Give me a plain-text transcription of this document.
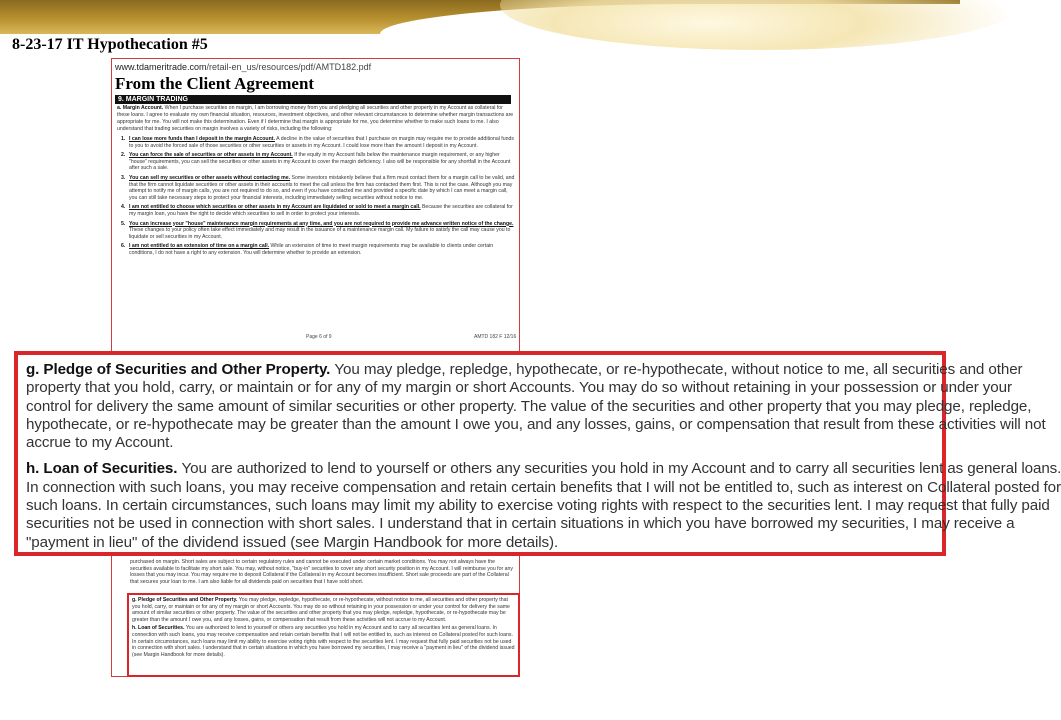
8-23-17 IT Hypothecation #5
www.tdameritrade.com/retail-en_us/resources/pdf/AMTD182.pdf
From the Client Agreement
9. MARGIN TRADING
a. Margin Account. When I purchase securities on margin, I am borrowing money from you and pledging all securities and other property in my Account as collateral for these loans. I agree to evaluate my own financial situation, resources, investment objectives, and other relevant circumstances to determine whether margin transactions are appropriate for me. You will not make this determination. Even if I determine that margin is appropriate for me, you determine whether to make such loans to me. I also understand that trading securities on margin involves a variety of risks, including the following:
1. I can lose more funds than I deposit in the margin Account. A decline in the value of securities that I purchase on margin may require me to provide additional funds to you to avoid the forced sale of those securities or other securities or assets in my Account. I could lose more than the amount I deposit in my Account.
2. You can force the sale of securities or other assets in my Account. If the equity in my Account falls below the maintenance margin requirement, or any higher "house" requirements, you can sell the securities or other assets in my Account to cover the margin deficiency. I also will be responsible for any shortfall in the Account after such a sale.
3. You can sell my securities or other assets without contacting me. Some investors mistakenly believe that a firm must contact them for a margin call to be valid, and that the firm cannot liquidate securities or other assets in their accounts to meet the call unless the firm has contacted them first. This is not the case. Although you may attempt to notify me of margin calls, you are not required to do so, and even if you have contacted me and provided a specific date by which I can meet a margin call, you can still take necessary steps to protect your financial interests, including immediately selling securities without notice to me.
4. I am not entitled to choose which securities or other assets in my Account are liquidated or sold to meet a margin call. Because the securities are collateral for my margin loan, you have the right to decide which securities to sell in order to protect your interests.
5. You can increase your "house" maintenance margin requirements at any time, and you are not required to provide me advance written notice of the change. These changes to your policy often take effect immediately and may result in the issuance of a maintenance margin call. My failure to satisfy the call may cause you to liquidate or sell securities in my Account.
6. I am not entitled to an extension of time on a margin call. While an extension of time to meet margin requirements may be available to clients under certain conditions, I do not have a right to any extension. You will determine whether to provide an extension.
Page 6 of 9	AMTD 182 F 12/16
purchased on margin. Short sales are subject to certain regulatory rules and cannot be executed under certain market conditions. You may not always have the securities available to facilitate my short sale. You may, without notice, "buy-in" securities to cover any short security position in my Account. I will reimburse you for any losses that you may incur. You may require me to deposit Collateral if the Collateral in my Account becomes insufficient. Short sale proceeds are part of the Collateral that secures your loan to me. I am also liable for all dividends paid on securities that I have sold short.

g. Pledge of Securities and Other Property. You may pledge, repledge, hypothecate, or re-hypothecate, without notice to me, all securities and other property that you hold, carry, or maintain or for any of my margin or short Accounts. You may do so without retaining in your possession or under your control for delivery the same amount of similar securities or other property. The value of the securities and other property that you may pledge, repledge, hypothecate, or re-hypothecate may be greater than the amount I owe you, and any losses, gains, or compensation that result from these activities will not accrue to my Account.

h. Loan of Securities. You are authorized to lend to yourself or others any securities you hold in my Account and to carry all securities lent as general loans. In connection with such loans, you may receive compensation and retain certain benefits that I will not be entitled to, such as interest on Collateral posted for such loans. In certain circumstances, such loans may limit my ability to exercise voting rights with respect to the securities lent. I may request that fully paid securities not be used in connection with short sales. I understand that in certain situations in which you have borrowed my securities, I may receive a "payment in lieu" of the dividend issued (see Margin Handbook for more details).

g. Pledge of Securities and Other Property. You may pledge, repledge, hypothecate, or re-hypothecate, without notice to me, all securities and other
property that you hold, carry, or maintain or for any of my margin or short Accounts. You may do so without retaining in your possession or under your
control for delivery the same amount of similar securities or other property. The value of the securities and other property that you may pledge, repledge,
hypothecate, or re-hypothecate may be greater than the amount I owe you, and any losses, gains, or compensation that result from these activities will not
accrue to my Account.

h. Loan of Securities. You are authorized to lend to yourself or others any securities you hold in my Account and to carry all securities lent as general loans.
In connection with such loans, you may receive compensation and retain certain benefits that I will not be entitled to, such as interest on Collateral posted for
such loans. In certain circumstances, such loans may limit my ability to exercise voting rights with respect to the securities lent. I may request that fully paid
securities not be used in connection with short sales. I understand that in certain situations in which you have borrowed my securities, I may receive a
"payment in lieu" of the dividend issued (see Margin Handbook for more details).
